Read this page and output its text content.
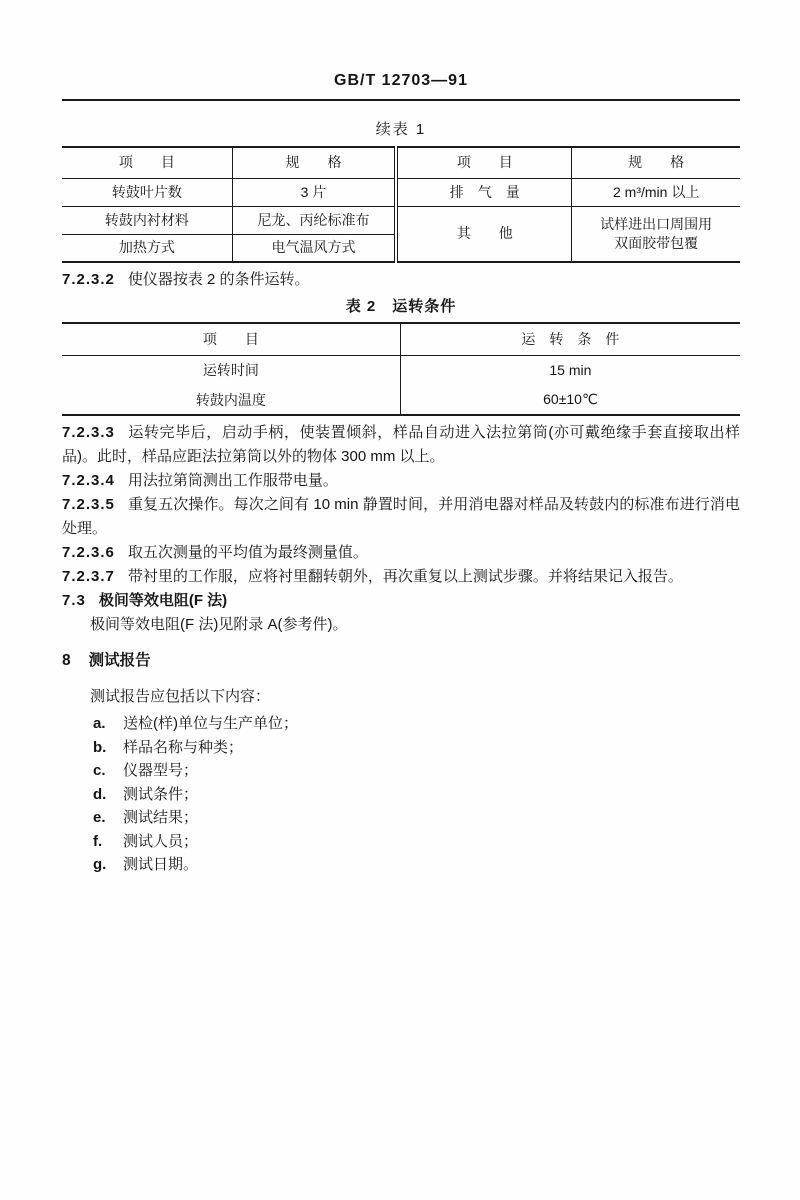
GB/T 12703—91
续表 1
项　　目	规　　格	项　　目	规　　格
转鼓叶片数	3 片	排　气　量	2 m³/min 以上
转鼓内衬材料	尼龙、丙纶标准布	其　　他	试样进出口周围用
双面胶带包覆

加热方式	电气温风方式		

7.2.3.2 使仪器按表 2 的条件运转。

表 2　运转条件
项　　目	运　转　条　件
运转时间	15 min
转鼓内温度	60±10℃

7.2.3.3 运转完毕后，启动手柄，使装置倾斜，样品自动进入法拉第筒(亦可戴绝缘手套直接取出样品)。此时，样品应距法拉第筒以外的物体 300 mm 以上。

7.2.3.4 用法拉第筒测出工作服带电量。

7.2.3.5 重复五次操作。每次之间有 10 min 静置时间，并用消电器对样品及转鼓内的标准布进行消电处理。

7.2.3.6 取五次测量的平均值为最终测量值。

7.2.3.7 带衬里的工作服，应将衬里翻转朝外，再次重复以上测试步骤。并将结果记入报告。

7.3 极间等效电阻(F 法)

极间等效电阻(F 法)见附录 A(参考件)。

8 测试报告
测试报告应包括以下内容：
a. 送检(样)单位与生产单位；
b. 样品名称与种类；
c. 仪器型号；
d. 测试条件；
e. 测试结果；
f. 测试人员；
g. 测试日期。
